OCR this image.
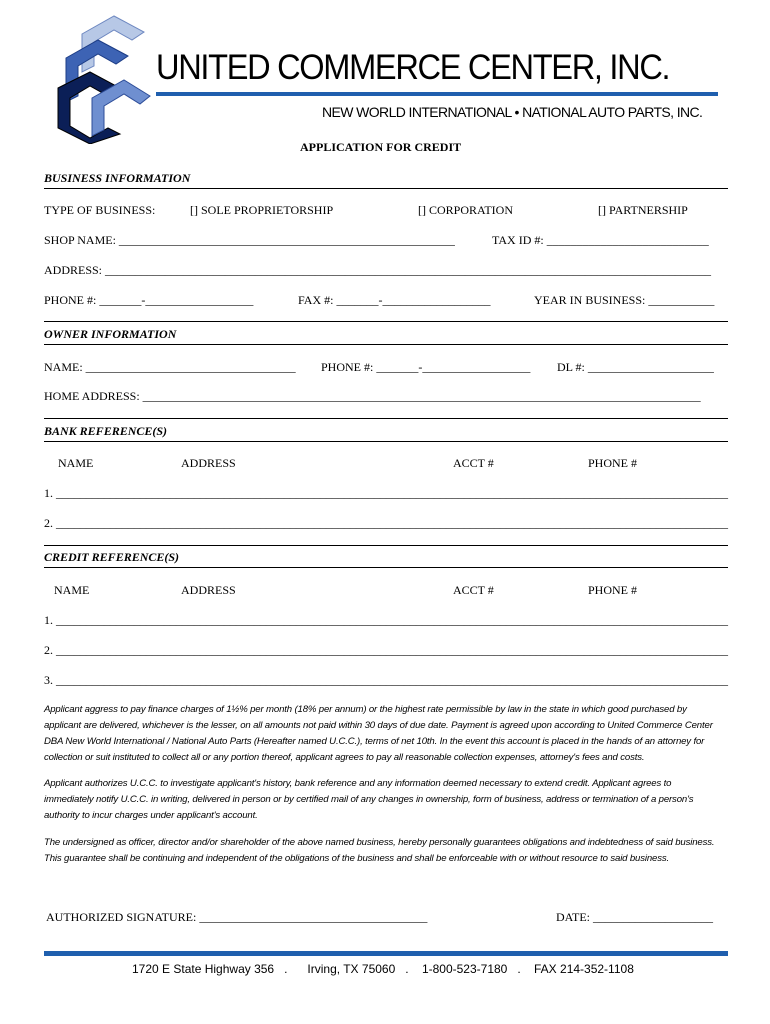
UNITED COMMERCE CENTER, INC.
NEW WORLD INTERNATIONAL • NATIONAL AUTO PARTS, INC.
APPLICATION FOR CREDIT
BUSINESS INFORMATION
TYPE OF BUSINESS:	[] SOLE PROPRIETORSHIP	[] CORPORATION	[] PARTNERSHIP
SHOP NAME: ________________________________________________________	TAX ID #: ___________________________
ADDRESS: _____________________________________________________________________________________________________
PHONE #: _______-__________________	FAX #: _______-__________________	YEAR IN BUSINESS: ___________
OWNER INFORMATION
NAME: ___________________________________ PHONE #: _______-__________________ DL #: _____________________
HOME ADDRESS: _____________________________________________________________________________________________
BANK REFERENCE(S)
NAME	ADDRESS	ACCT #	PHONE #
1. ________________________________________________________________________________________________________________
2. ________________________________________________________________________________________________________________
CREDIT REFERENCE(S)
NAME	ADDRESS	ACCT #	PHONE #
1. ________________________________________________________________________________________________________________
2. ________________________________________________________________________________________________________________
3. ________________________________________________________________________________________________________________
Applicant aggress to pay finance charges of 1½% per month (18% per annum) or the highest rate permissible by law in the state in which good purchased by
applicant are delivered, whichever is the lesser, on all amounts not paid within 30 days of due date. Payment is agreed upon according to United Commerce Center
DBA New World International / National Auto Parts (Hereafter named U.C.C.), terms of net 10th. In the event this account is placed in the hands of an attorney for
collection or suit instituted to collect all or any portion thereof, applicant agrees to pay all reasonable collection expenses, attorney's fees and costs.
Applicant authorizes U.C.C. to investigate applicant's history, bank reference and any information deemed necessary to extend credit. Applicant agrees to
immediately notify U.C.C. in writing, delivered in person or by certified mail of any changes in ownership, form of business, address or termination of a person's
authority to incur charges under applicant's account.
The undersigned as officer, director and/or shareholder of the above named business, hereby personally guarantees obligations and indebtedness of said business.
This guarantee shall be continuing and independent of the obligations of the business and shall be enforceable with or without resource to said business.
AUTHORIZED SIGNATURE: ______________________________________	DATE: ____________________
1720 E State Highway 356   .      Irving, TX 75060   .    1-800-523-7180   .    FAX 214-352-1108
